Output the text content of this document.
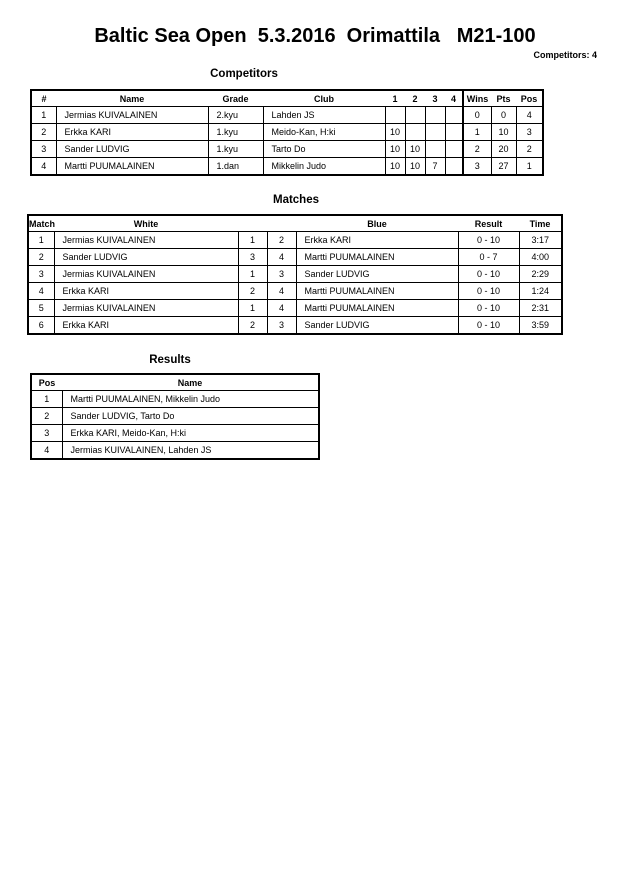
Baltic Sea Open  5.3.2016  Orimattila   M21-100
Competitors: 4
Competitors
#	Name	Grade	Club	1	2	3	4	Wins	Pts	Pos
1	Jermias KUIVALAINEN	2.kyu	Lahden JS					0	0	4
2	Erkka KARI	1.kyu	Meido-Kan, H:ki	10				1	10	3
3	Sander LUDVIG	1.kyu	Tarto Do	10	10			2	20	2
4	Martti PUUMALAINEN	1.dan	Mikkelin Judo	10	10	7		3	27	1
Matches
Match	White			Blue	Result	Time
1	Jermias KUIVALAINEN	1	2	Erkka KARI	0 - 10	3:17
2	Sander LUDVIG	3	4	Martti PUUMALAINEN	0 - 7	4:00
3	Jermias KUIVALAINEN	1	3	Sander LUDVIG	0 - 10	2:29
4	Erkka KARI	2	4	Martti PUUMALAINEN	0 - 10	1:24
5	Jermias KUIVALAINEN	1	4	Martti PUUMALAINEN	0 - 10	2:31
6	Erkka KARI	2	3	Sander LUDVIG	0 - 10	3:59
Results
Pos	Name
1	Martti PUUMALAINEN, Mikkelin Judo
2	Sander LUDVIG, Tarto Do
3	Erkka KARI, Meido-Kan, H:ki
4	Jermias KUIVALAINEN, Lahden JS
